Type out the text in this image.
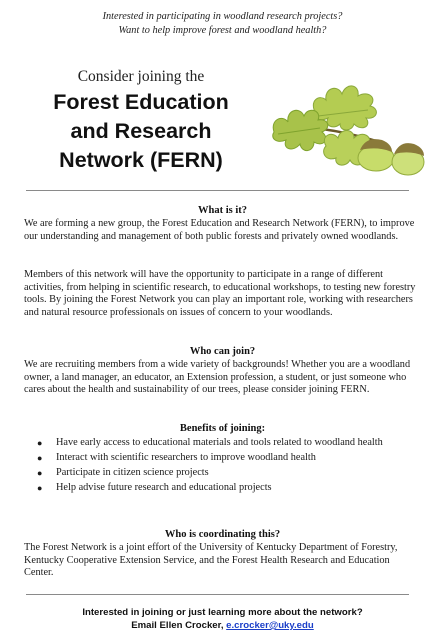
Interested in participating in woodland research projects?
Want to help improve forest and woodland health?
Consider joining the
Forest Education
and Research
Network (FERN)
What is it?
We are forming a new group, the Forest Education and Research Network (FERN), to improve our understanding and management of both public forests and privately owned woodlands.
Members of this network will have the opportunity to participate in a range of different activities, from helping in scientific research, to educational workshops, to testing new forestry tools. By joining the Forest Network you can play an important role, working with researchers and natural resource professionals on issues of concern to your woodlands.
Who can join?
We are recruiting members from a wide variety of backgrounds! Whether you are a woodland owner, a land manager, an educator, an Extension profession, a student, or just someone who cares about the health and sustainability of our trees, please consider joining FERN.
Benefits of joining:
● Have early access to educational materials and tools related to woodland health
● Interact with scientific researchers to improve woodland health
● Participate in citizen science projects
● Help advise future research and educational projects
Who is coordinating this?
The Forest Network is a joint effort of the University of Kentucky Department of Forestry, Kentucky Cooperative Extension Service, and the Forest Health Research and Education Center.
Interested in joining or just learning more about the network?
Email Ellen Crocker, e.crocker@uky.edu
